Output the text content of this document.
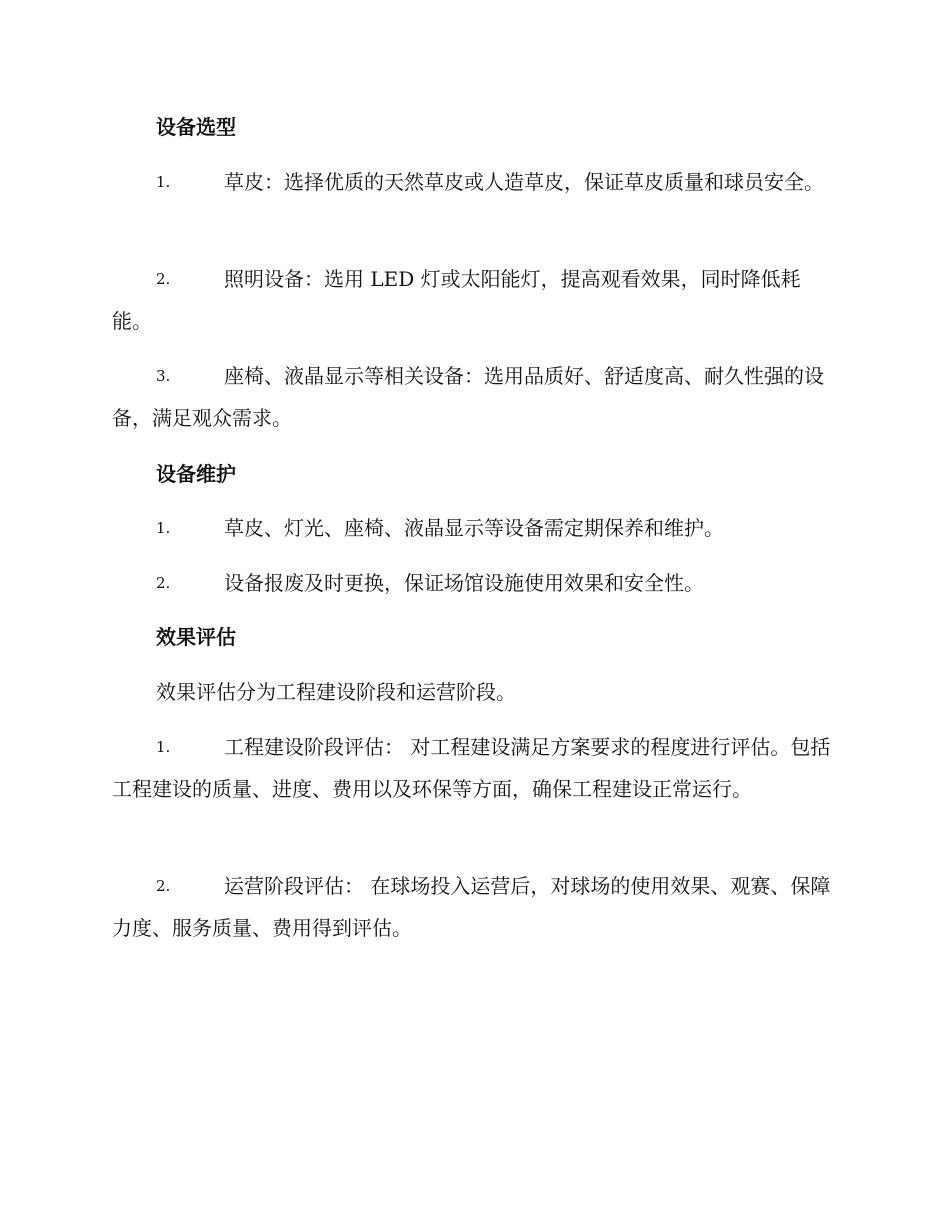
设备选型
1.	草皮：选择优质的天然草皮或人造草皮，保证草皮质量和球员安全。
2.	照明设备：选用 LED 灯或太阳能灯，提高观看效果，同时降低耗能。
3.	座椅、液晶显示等相关设备：选用品质好、舒适度高、耐久性强的设备，满足观众需求。
设备维护
1.	草皮、灯光、座椅、液晶显示等设备需定期保养和维护。
2.	设备报废及时更换，保证场馆设施使用效果和安全性。
效果评估
效果评估分为工程建设阶段和运营阶段。
1.	工程建设阶段评估： 对工程建设满足方案要求的程度进行评估。包括工程建设的质量、进度、费用以及环保等方面，确保工程建设正常运行。
2.	运营阶段评估： 在球场投入运营后，对球场的使用效果、观赛、保障力度、服务质量、费用得到评估。
